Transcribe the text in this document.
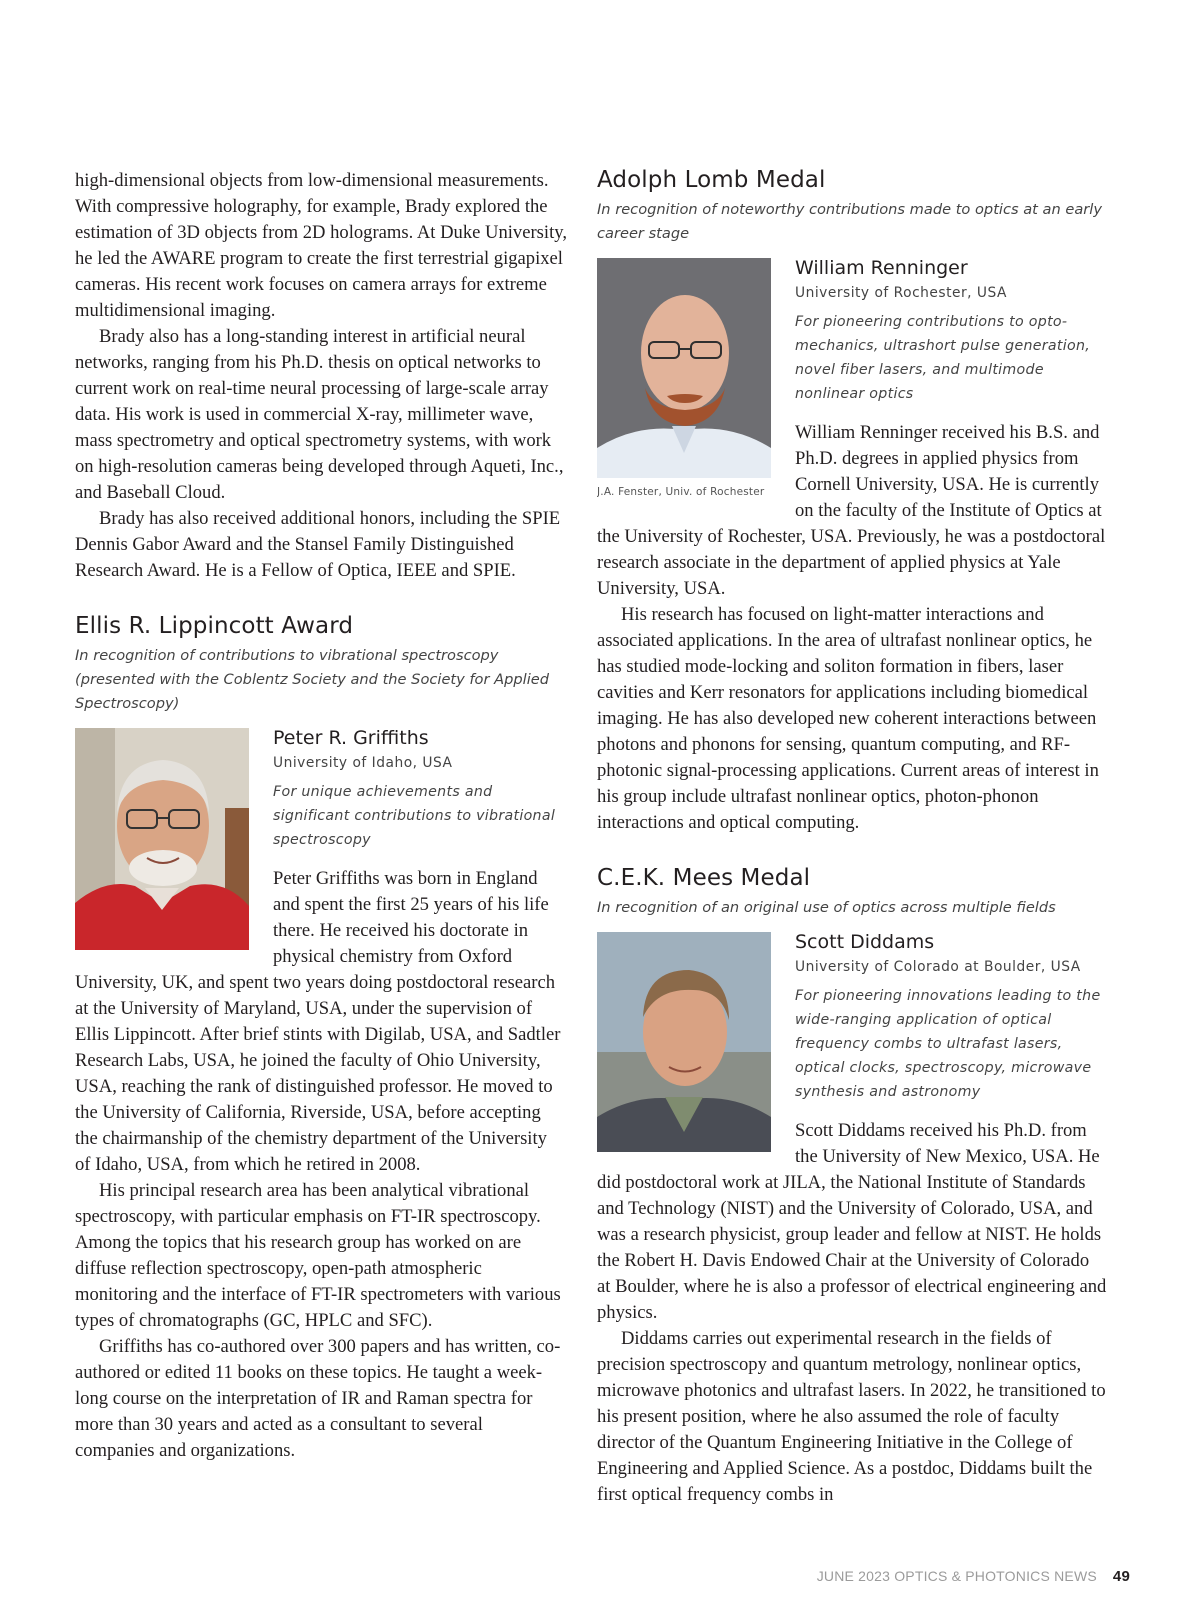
high-dimensional objects from low-dimensional measurements. With compressive holography, for example, Brady explored the estimation of 3D objects from 2D holograms. At Duke University, he led the AWARE program to create the first terrestrial gigapixel cameras. His recent work focuses on camera arrays for extreme multidimensional imaging.

Brady also has a long-standing interest in artificial neural networks, ranging from his Ph.D. thesis on optical networks to current work on real-time neural processing of large-scale array data. His work is used in commercial X-ray, millimeter wave, mass spectrometry and optical spectrometry systems, with work on high-resolution cameras being developed through Aqueti, Inc., and Baseball Cloud.

Brady has also received additional honors, including the SPIE Dennis Gabor Award and the Stansel Family Distinguished Research Award. He is a Fellow of Optica, IEEE and SPIE.

Ellis R. Lippincott Award
In recognition of contributions to vibrational spectroscopy (presented with the Coblentz Society and the Society for Applied Spectroscopy)
Peter R. Griffiths
University of Idaho, USA
For unique achievements and significant contributions to vibrational spectroscopy

Peter Griffiths was born in England and spent the first 25 years of his life there. He received his doctorate in physical chemistry from Oxford University, UK, and spent two years doing postdoctoral research at the University of Maryland, USA, under the supervision of Ellis Lippincott. After brief stints with Digilab, USA, and Sadtler Research Labs, USA, he joined the faculty of Ohio University, USA, reaching the rank of distinguished professor. He moved to the University of California, Riverside, USA, before accepting the chairmanship of the chemistry department of the University of Idaho, USA, from which he retired in 2008.

His principal research area has been analytical vibrational spectroscopy, with particular emphasis on FT-IR spectroscopy. Among the topics that his research group has worked on are diffuse reflection spectroscopy, open-path atmospheric monitoring and the interface of FT-IR spectrometers with various types of chromatographs (GC, HPLC and SFC).

Griffiths has co-authored over 300 papers and has written, co-authored or edited 11 books on these topics. He taught a week-long course on the interpretation of IR and Raman spectra for more than 30 years and acted as a consultant to several companies and organizations.

Adolph Lomb Medal
In recognition of noteworthy contributions made to optics at an early career stage
J.A. Fenster, Univ. of Rochester
William Renninger
University of Rochester, USA
For pioneering contributions to opto-mechanics, ultrashort pulse generation, novel fiber lasers, and multimode nonlinear optics

William Renninger received his B.S. and Ph.D. degrees in applied physics from Cornell University, USA. He is currently on the faculty of the Institute of Optics at the University of Rochester, USA. Previously, he was a postdoctoral research associate in the department of applied physics at Yale University, USA.

His research has focused on light-matter interactions and associated applications. In the area of ultrafast nonlinear optics, he has studied mode-locking and soliton formation in fibers, laser cavities and Kerr resonators for applications including biomedical imaging. He has also developed new coherent interactions between photons and phonons for sensing, quantum computing, and RF-photonic signal-processing applications. Current areas of interest in his group include ultrafast nonlinear optics, photon-phonon interactions and optical computing.

C.E.K. Mees Medal
In recognition of an original use of optics across multiple fields
Scott Diddams
University of Colorado at Boulder, USA
For pioneering innovations leading to the wide-ranging application of optical frequency combs to ultrafast lasers, optical clocks, spectroscopy, microwave synthesis and astronomy

Scott Diddams received his Ph.D. from the University of New Mexico, USA. He did postdoctoral work at JILA, the National Institute of Standards and Technology (NIST) and the University of Colorado, USA, and was a research physicist, group leader and fellow at NIST. He holds the Robert H. Davis Endowed Chair at the University of Colorado at Boulder, where he is also a professor of electrical engineering and physics.

Diddams carries out experimental research in the fields of precision spectroscopy and quantum metrology, nonlinear optics, microwave photonics and ultrafast lasers. In 2022, he transitioned to his present position, where he also assumed the role of faculty director of the Quantum Engineering Initiative in the College of Engineering and Applied Science. As a postdoc, Diddams built the first optical frequency combs in

JUNE 2023 OPTICS & PHOTONICS NEWS 49
